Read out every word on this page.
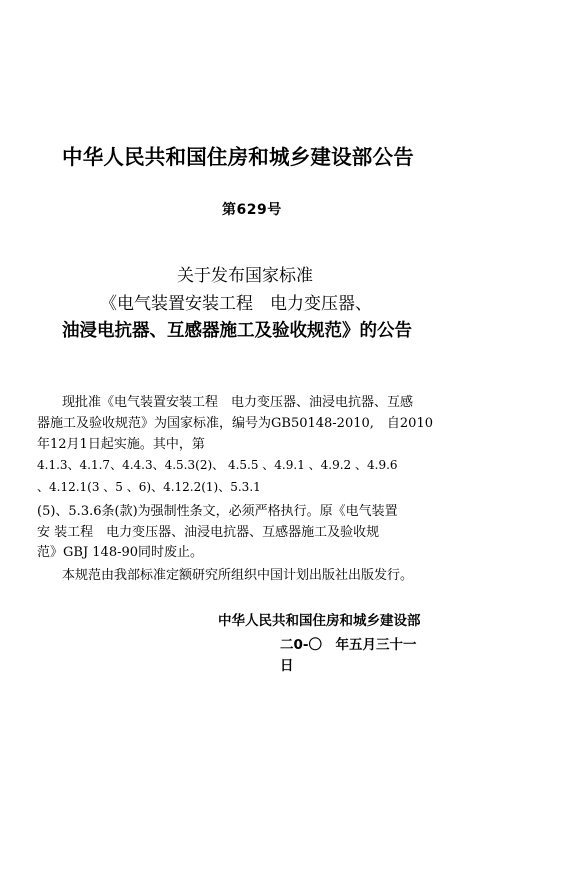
中华人民共和国住房和城乡建设部公告
第629号
关于发布国家标准
《电气装置安装工程　电力变压器、
油浸电抗器、互感器施工及验收规范》的公告
现批准《电气装置安装工程　电力变压器、油浸电抗器、互感
器施工及验收规范》为国家标准，编号为GB50148-2010,　自2010
年12月1日起实施。其中，第
4.1.3、4.1.7、4.4.3、4.5.3(2)、 4.5.5 、4.9.1 、4.9.2 、4.9.6
、4.12.1(3 、5 、6)、4.12.2(1)、5.3.1
(5)、5.3.6条(款)为强制性条文，必须严格执行。原《电气装置
安 装工程　电力变压器、油浸电抗器、互感器施工及验收规
范》GBJ 148-90同时废止。
本规范由我部标准定额研究所组织中国计划出版社出版发行。
中华人民共和国住房和城乡建设部
二0-〇　年五月三十一
日
